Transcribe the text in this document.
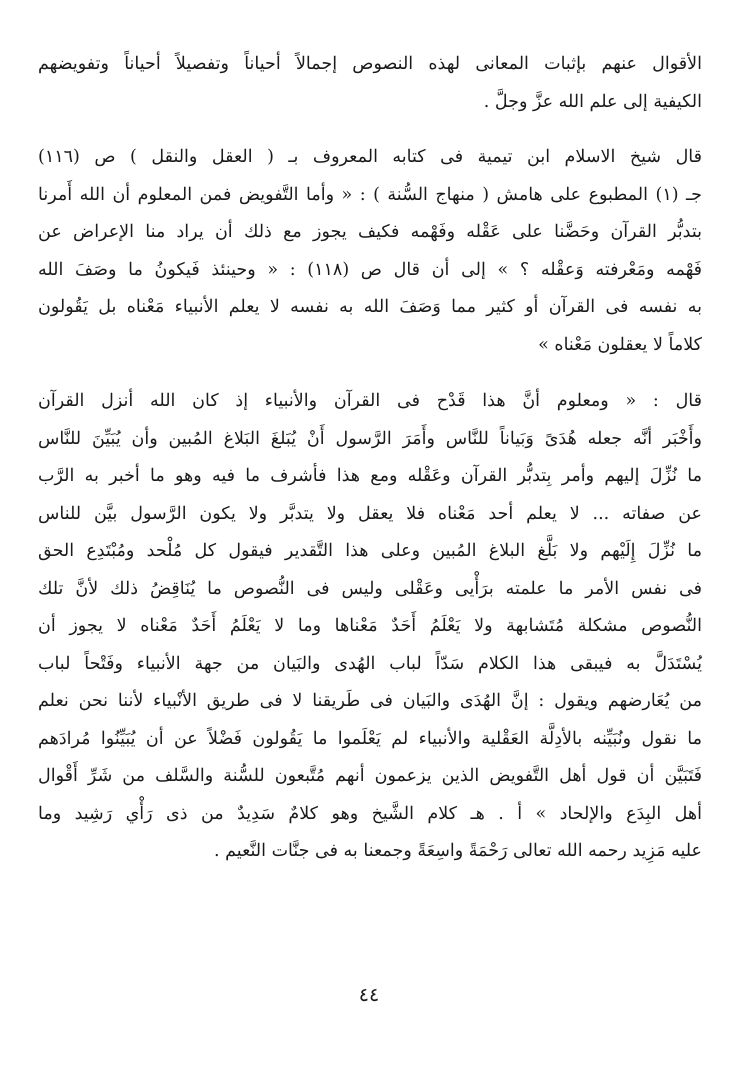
الأقوال عنهم بإثبات المعانى لهذه النصوص إجمالاً أحياناً وتفصيلاً أحياناً وتفويضهم
الكيفية إلى علم الله عزَّ وجلَّ .
قال شيخ الاسلام ابن تيمية فى كتابه المعروف بـ ( العقل والنقل ) ص (١١٦)
جـ (١) المطبوع على هامش ( منهاج السُّنة ) : « وأما التَّفويض فمن المعلوم أن الله أَمرنا
بتدبُّر القرآن وحَضَّنا على عَقْله وفَهْمه فكيف يجوز مع ذلك أن يراد منا الإعراض عن
فَهْمه ومَعْرفته وَعقْله ؟ » إلى أن قال ص (١١٨) : « وحينئذ فَيكونُ ما وصَفَ الله
به نفسه فى القرآن أو كثير مما وَصَفَ الله به نفسه لا يعلم الأنبياء مَعْناه بل يَقُولون
كلاماً لا يعقلون مَعْناه »
قال : « ومعلوم أنَّ هذا قَدْح فى القرآن والأنبياء إذ كان الله أنزل القرآن
وأَخْبَر أنَّه جعله هُدَىً وَبَياناً للنَّاس وأَمَرَ الرَّسول أَنْ يُبَلغَ البَلاغ المُبين وأن يُبَيِّنَ للنَّاس
ما نُزِّلَ إليهم وأمر بِتدبُّر القرآن وعَقْله ومع هذا فأشرف ما فيه وهو ما أخبر به الرَّب
عن صفاته ... لا يعلم أحد مَعْناه فلا يعقل ولا يتدبَّر ولا يكون الرَّسول بيَّن للناس
ما نُزِّلَ إِلَيْهم ولا بَلَّغ البلاغ المُبين وعلى هذا التَّقدير فيقول كل مُلْحد ومُبْتَدِع الحق
فى نفس الأمر ما علمته برَأْيى وعَقْلى وليس فى النُّصوص ما يُنَاقِضُ ذلك لأنَّ تلك
النُّصوص مشكلة مُتَشابهة ولا يَعْلَمُ أَحَدٌ مَعْناها وما لا يَعْلَمُ أَحَدٌ مَعْناه لا يجوز أن
يُسْتَدَلَّ به فيبقى هذا الكلام سَدّاً لباب الهُدى والبَيان من جهة الأنبياء وفَتْحاً لباب
من يُعَارضهم ويقول : إنَّ الهُدَى والبَيان فى طَريقنا لا فى طريق الأنْبياء لأننا نحن نعلم
ما نقول ونُبَيِّنه بالأدِلَّة العَقْلية والأنبياء لم يَعْلَموا ما يَقُولون فَضْلاً عن أن يُبَيِّنُوا مُرادَهم
فَتَبَيَّن أن قول أهل التَّفويض الذين يزعمون أنهم مُتَّبعون للسُّنة والسَّلف من شَرِّ أَقْوال
أهل البِدَع والإلحاد » أ . هـ كلام الشَّيخ وهو كلامٌ سَدِيدٌ من ذى رَأْي رَشِيد وما
عليه مَزِيد رحمه الله تعالى رَحْمَةً واسِعَةً وجمعنا به فى جنَّات النَّعيم .
٤٤
